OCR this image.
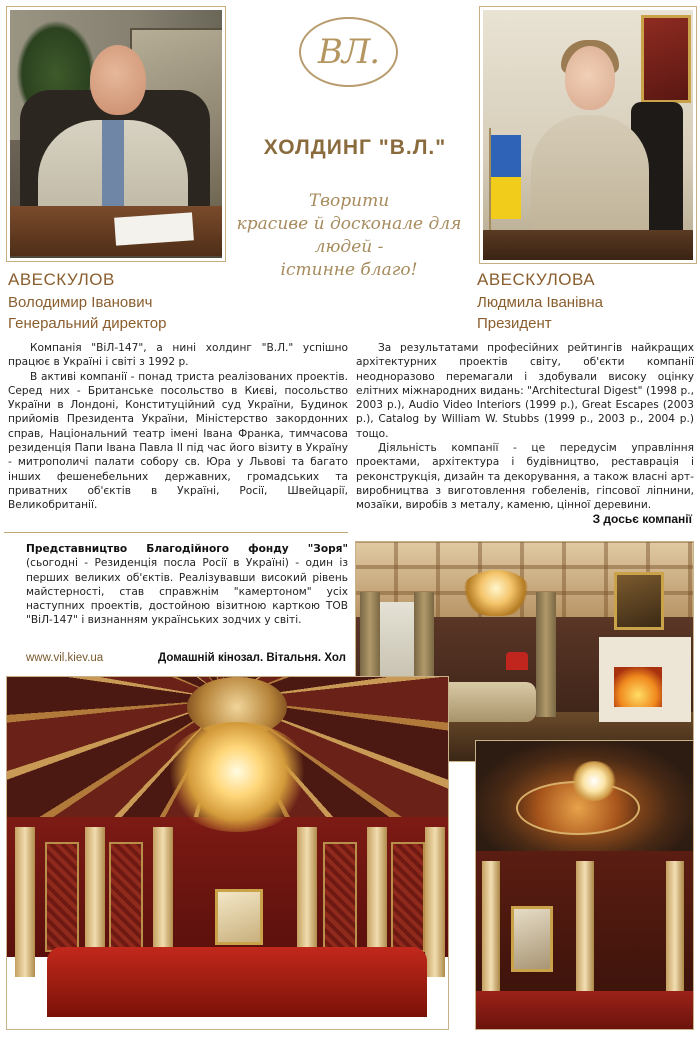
ВЛ.
ХОЛДИНГ "В.Л."
Творити
красиве й досконале для людей -
істинне благо!
АВЕСКУЛОВ
Володимир Іванович
Генеральний директор
АВЕСКУЛОВА
Людмила Іванівна
Президент

Компанія "ВіЛ-147", а нині холдинг "В.Л." успішно працює в Україні і світі з 1992 р.

В активі компанії - понад триста реалізованих проектів. Серед них - Британське посольство в Києві, посольство України в Лондоні, Конституційний суд України, Будинок прийомів Президента України, Міністерство закордонних справ, Національний театр імені Івана Франка, тимчасова резиденція Папи Івана Павла ІІ під час його візиту в Україну - митрополичі палати собору св. Юра у Львові та багато інших фешенебельних державних, громадських та приватних об'єктів в Україні, Росії, Швейцарії, Великобританії.

За результатами професійних рейтингів найкращих архітектурних проектів світу, об'єкти компанії неодноразово перемагали і здобували високу оцінку елітних міжнародних видань: "Architectural Digest" (1998 р., 2003 р.), Audio Video Interiors (1999 р.), Great Escapes (2003 р.), Catalog by William W. Stubbs (1999 р., 2003 р., 2004 р.) тощо.

Діяльність компанії - це передусім управління проектами, архітектура і будівництво, реставрація і реконструкція, дизайн та декорування, а також власні арт-виробництва з виготовлення гобеленів, гіпсової ліпнини, мозаїки, виробів з металу, каменю, цінної деревини.

З досьє компанії
Представництво Благодійного фонду "Зоря" (сьогодні - Резиденція посла Росії в Україні) - один із перших великих об'єктів. Реалізувавши високий рівень майстерності, став справжнім "камертоном" усіх наступних проектів, достойною візитною карткою ТОВ "ВіЛ-147" і визнанням українських зодчих у світі.
www.vil.kiev.ua	Домашній кінозал. Вітальня. Хол
